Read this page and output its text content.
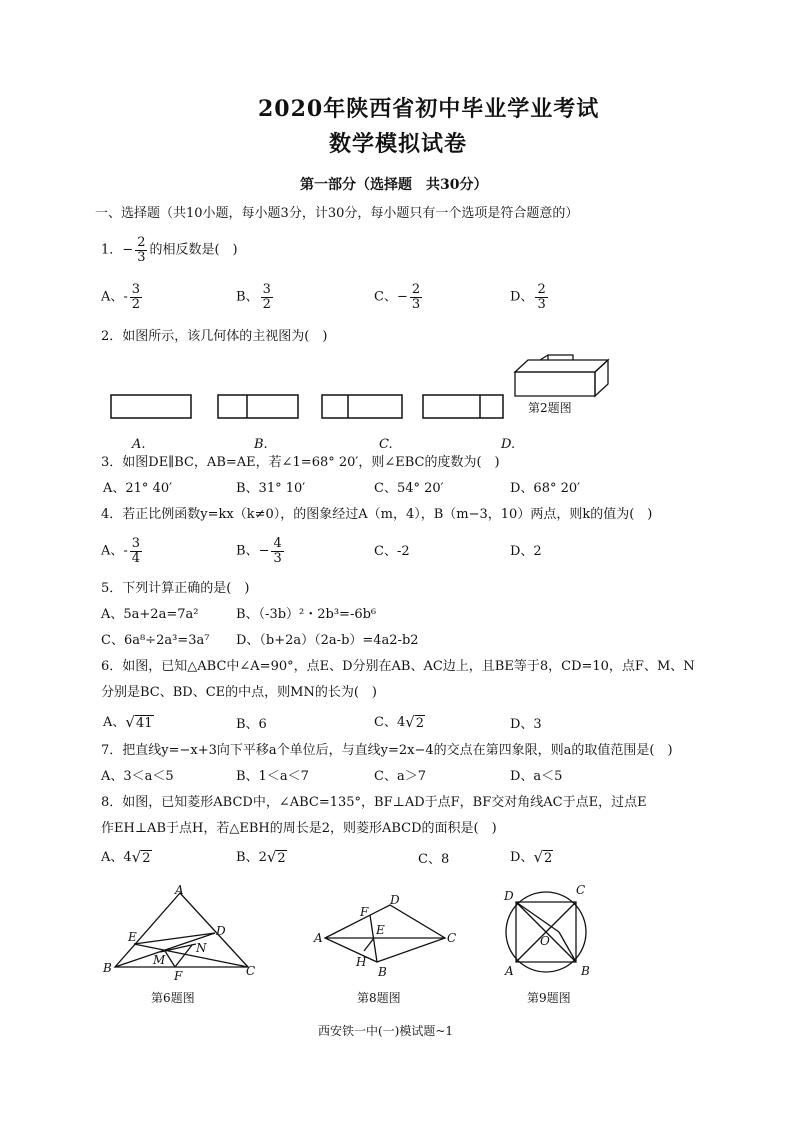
2020年陕西省初中毕业学业考试
数学模拟试卷
第一部分（选择题　共30分）
一、选择题（共10小题，每小题3分，计30分，每小题只有一个选项是符合题意的）
1．− $\frac{2}{3}$ 的相反数是(　)
A、- $\frac{3}{2}$	B、 $\frac{3}{2}$	C、− $\frac{2}{3}$	D、 $\frac{2}{3}$
2．如图所示，该几何体的主视图为(　)
第2题图
A.	B.	C.	D.
3．如图DE∥BC，AB=AE，若∠1=68° 20′，则∠EBC的度数为(　)
A、21° 40′	B、31° 10′	C、54° 20′	D、68° 20′
4．若正比例函数y=kx（k≠0），的图象经过A（m，4），B（m−3，10）两点，则k的值为(　)
A、- $\frac{3}{4}$	B、− $\frac{4}{3}$	C、-2	D、2
5．下列计算正确的是(　)
A、5a+2a=7a²	B、（-3b）²・2b³=-6b⁶
C、6a⁸÷2a³=3a⁷ D、（b+2a）（2a-b）=4a2-b2
6．如图，已知△ABC中∠A=90°，点E、D分别在AB、AC边上，且BE等于8，CD=10，点F、M、N
分别是BC、BD、CE的中点，则MN的长为(　)
A、√41	B、6	C、4√2	D、3
7．把直线y=−x+3向下平移a个单位后，与直线y=2x−4的交点在第四象限，则a的取值范围是(　)
A、3＜a＜5	B、1＜a＜7	C、a＞7	D、a＜5
8．如图，已知菱形ABCD中，∠ABC=135°，BF⊥AD于点F，BF交对角线AC于点E，过点E
作EH⊥AB于点H，若△EBH的周长是2，则菱形ABCD的面积是(　)
A、4√2	B、2√2	C、8	D、√2
A
B	C
D
E
F
M
N
A
B
C
D
E
F
H
D	C
A	B
O
第6题图	第8题图	第9题图
西安铁一中(一)模试题~1
